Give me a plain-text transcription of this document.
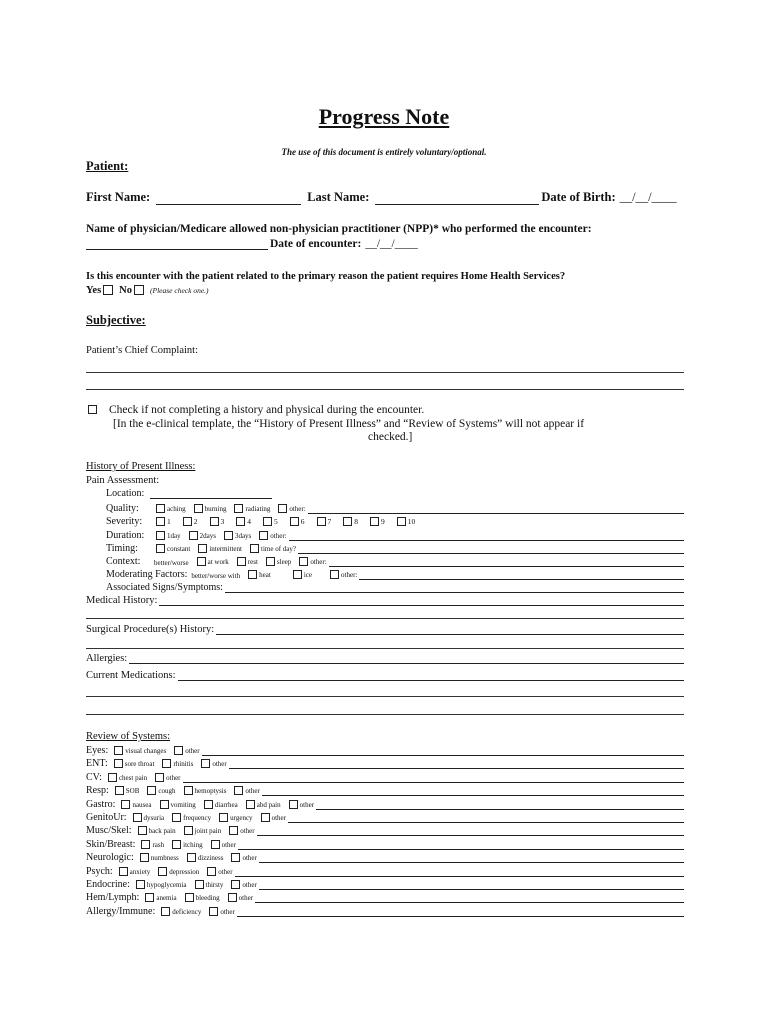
Progress Note
The use of this document is entirely voluntary/optional.
Patient:
First Name:	Last Name:	Date of Birth: __/__/____
Name of physician/Medicare allowed non-physician practitioner (NPP)* who performed the encounter:
Date of encounter: __/__/____
Is this encounter with the patient related to the primary reason the patient requires Home Health Services?
Yes No (Please check one.)
Subjective:
Patient’s Chief Complaint:
Check if not completing a history and physical during the encounter.
[In the e-clinical template, the “History of Present Illness” and “Review of Systems” will not appear if
checked.]
History of Present Illness:
Pain Assessment:
Location:
Quality:	aching	burning	radiating	other:
Severity:	1	2	3	4	5	6	7	8	9	10
Duration:	1day	2days	3days	other:
Timing:	constant	intermittent	time of day?
Context:	better/worse	at work	rest	sleep	other:
Moderating Factors: better/worse with	heat	ice	other:
Associated Signs/Symptoms:
Medical History:
Surgical Procedure(s) History:
Allergies:
Current Medications:
Review of Systems:
Eyes: visual changes	other
ENT: sore throat	rhinitis	other
CV: chest pain	other
Resp: SOB	cough	hemoptysis	other
Gastro: nausea	vomiting	diarrhea	abd pain	other
GenitoUr: dysuria	frequency	urgency	other
Musc/Skel: back pain	joint pain	other
Skin/Breast: rash	itching	other
Neurologic: numbness	dizziness	other
Psych: anxiety	depression	other
Endocrine: hypoglycemia	thirsty	other
Hem/Lymph: anemia	bleeding	other
Allergy/Immune: deficiency	other
